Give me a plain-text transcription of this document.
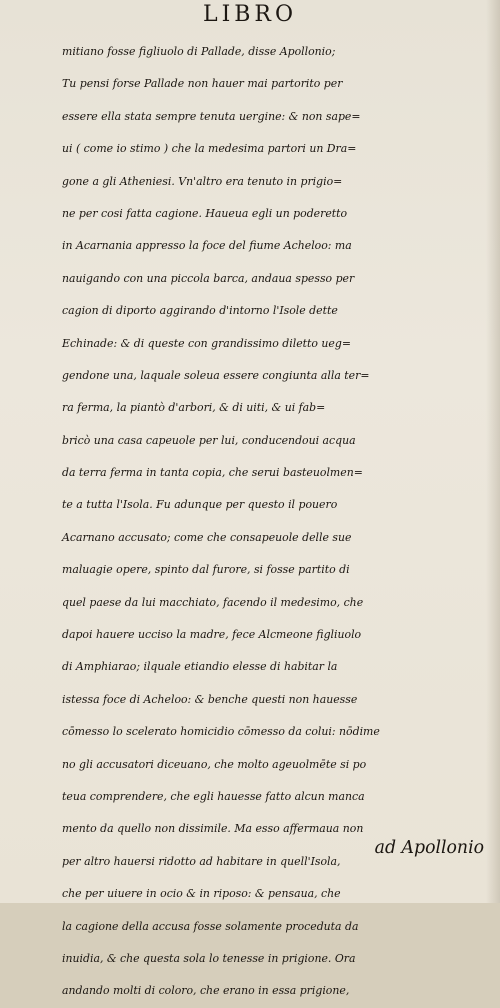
LIBRO
mitiano fosse figliuolo di Pallade, disse Apollonio;
Tu pensi forse Pallade non hauer mai partorito per
essere ella stata sempre tenuta uergine: & non sape=
ui ( come io stimo ) che la medesima partori un Dra=
gone a gli Atheniesi. Vn'altro era tenuto in prigio=
ne per cosi fatta cagione. Haueua egli un poderetto
in Acarnania appresso la foce del fiume Acheloo: ma
nauigando con una piccola barca, andaua spesso per
cagion di diporto aggirando d'intorno l'Isole dette
Echinade: & di queste con grandissimo diletto ueg=
gendone una, laquale soleua essere congiunta alla ter=
ra ferma, la piantò d'arbori, & di uiti, & ui fab=
bricò una casa capeuole per lui, conducendoui acqua
da terra ferma in tanta copia, che serui basteuolmen=
te a tutta l'Isola. Fu adunque per questo il pouero
Acarnano accusato; come che consapeuole delle sue
maluagie opere, spinto dal furore, si fosse partito di
quel paese da lui macchiato, facendo il medesimo, che
dapoi hauere ucciso la madre, fece Alcmeone figliuolo
di Amphiarao; ilquale etiandio elesse di habitar la
istessa foce di Acheloo: & benche questi non hauesse
cōmesso lo scelerato homicidio cōmesso da colui: nōdime
no gli accusatori diceuano, che molto ageuolmēte si po
teua comprendere, che egli hauesse fatto alcun manca
mento da quello non dissimile. Ma esso affermaua non
per altro hauersi ridotto ad habitare in quell'Isola,
che per uiuere in ocio & in riposo: & pensaua, che
la cagione della accusa fosse solamente proceduta da
inuidia, & che questa sola lo tenesse in prigione. Ora
andando molti di coloro, che erano in essa prigione,
ad Apollonio
